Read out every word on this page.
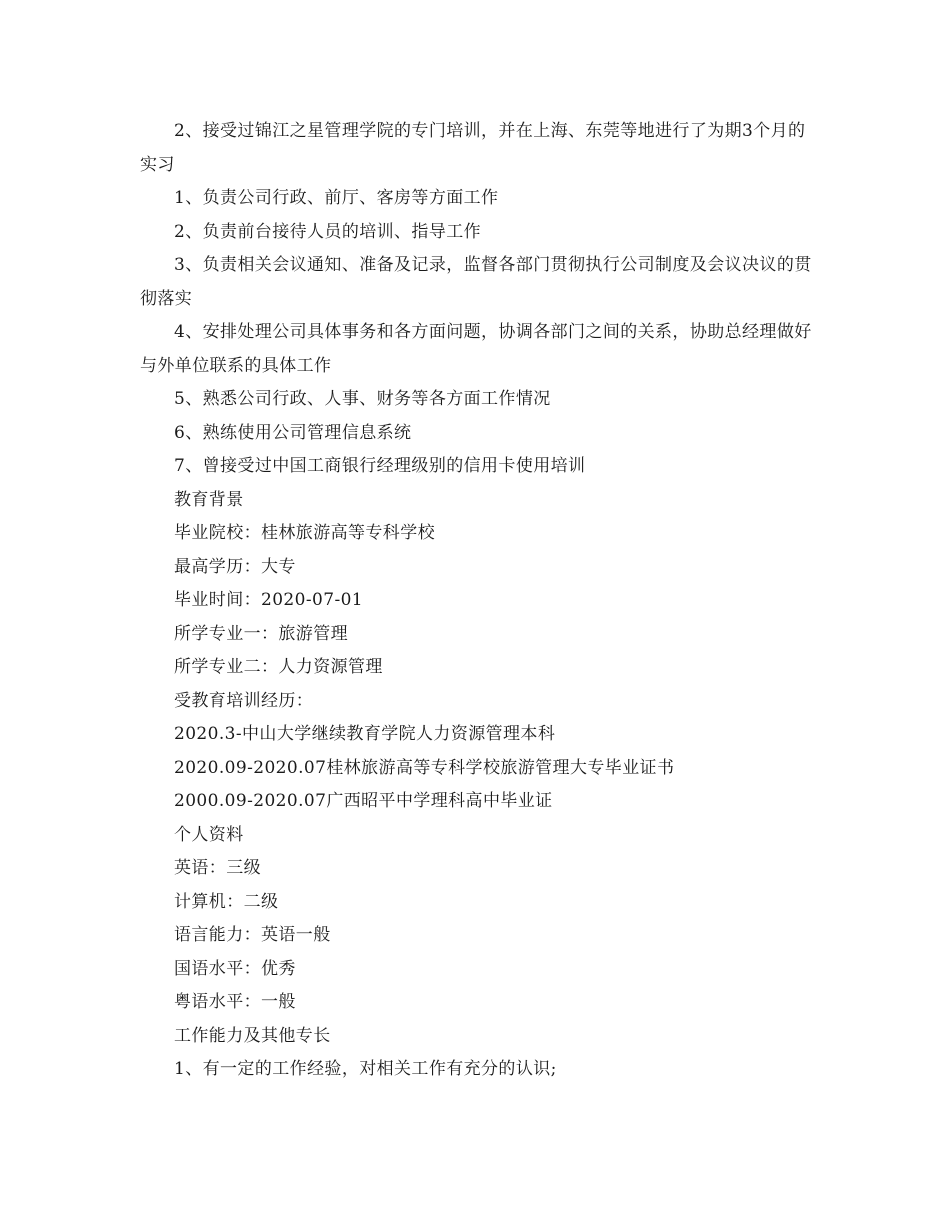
2、接受过锦江之星管理学院的专门培训，并在上海、东莞等地进行了为期3个月的实习

1、负责公司行政、前厅、客房等方面工作

2、负责前台接待人员的培训、指导工作

3、负责相关会议通知、准备及记录，监督各部门贯彻执行公司制度及会议决议的贯彻落实

4、安排处理公司具体事务和各方面问题，协调各部门之间的关系，协助总经理做好与外单位联系的具体工作

5、熟悉公司行政、人事、财务等各方面工作情况

6、熟练使用公司管理信息系统

7、曾接受过中国工商银行经理级别的信用卡使用培训

教育背景

毕业院校：桂林旅游高等专科学校

最高学历：大专

毕业时间：2020-07-01

所学专业一：旅游管理

所学专业二：人力资源管理

受教育培训经历：

2020.3-中山大学继续教育学院人力资源管理本科

2020.09-2020.07桂林旅游高等专科学校旅游管理大专毕业证书

2000.09-2020.07广西昭平中学理科高中毕业证

个人资料

英语：三级

计算机：二级

语言能力：英语一般

国语水平：优秀

粤语水平：一般

工作能力及其他专长

1、有一定的工作经验，对相关工作有充分的认识;
